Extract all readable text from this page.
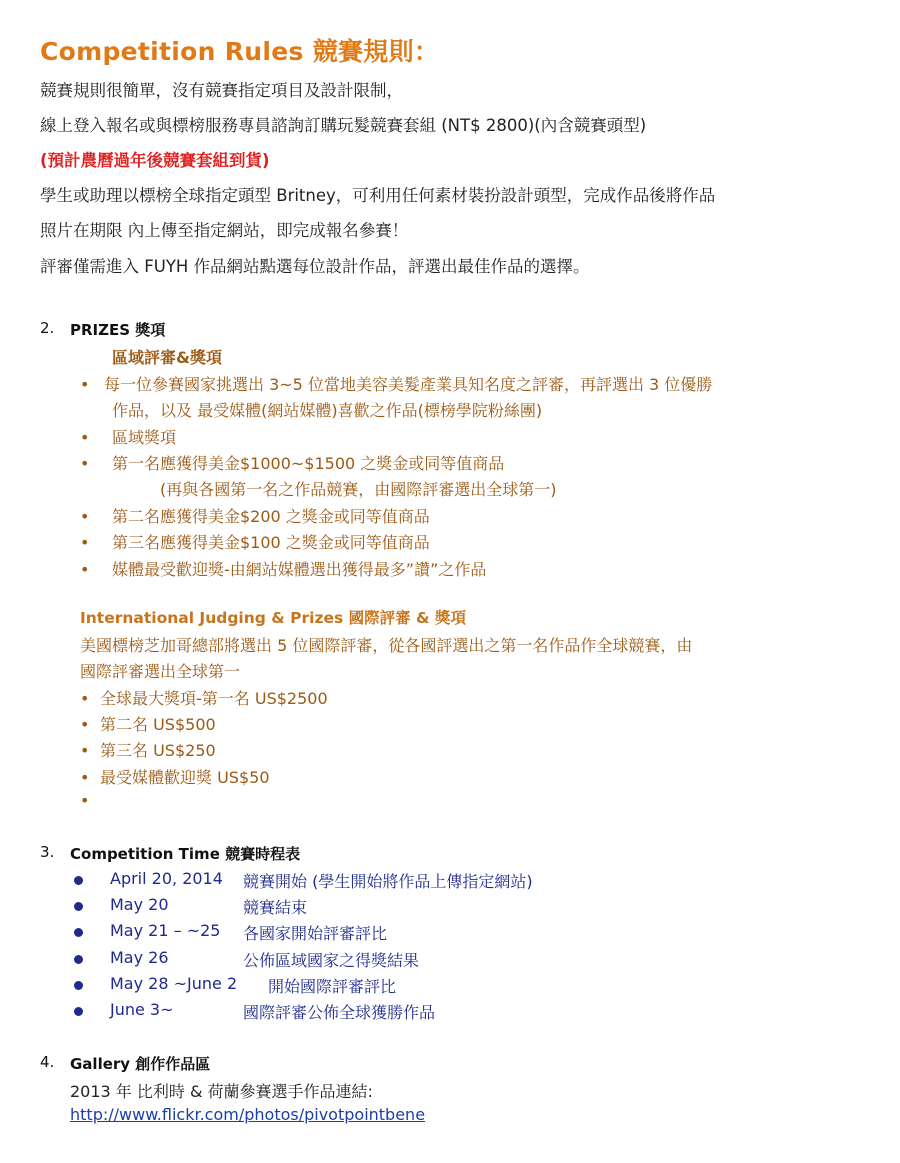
Competition Rules 競賽規則：
競賽規則很簡單，沒有競賽指定項目及設計限制，
線上登入報名或與標榜服務專員諮詢訂購玩髮競賽套組 (NT$ 2800)(內含競賽頭型)
(預計農曆過年後競賽套組到貨)
學生或助理以標榜全球指定頭型 Britney，可利用任何素材裝扮設計頭型，完成作品後將作品
照片在期限 內上傳至指定網站，即完成報名參賽！
評審僅需進入 FUYH 作品網站點選每位設計作品，評選出最佳作品的選擇。
2. PRIZES 獎項
區域評審&獎項
• 每一位參賽國家挑選出 3~5 位當地美容美髮產業具知名度之評審，再評選出 3 位優勝
作品，以及 最受媒體(網站媒體)喜歡之作品(標榜學院粉絲團)
• 區域獎項
• 第一名應獲得美金$1000~$1500 之獎金或同等值商品
(再與各國第一名之作品競賽，由國際評審選出全球第一)
• 第二名應獲得美金$200 之獎金或同等值商品
• 第三名應獲得美金$100 之獎金或同等值商品
• 媒體最受歡迎獎-由網站媒體選出獲得最多”讚”之作品
International Judging & Prizes 國際評審 & 獎項
美國標榜芝加哥總部將選出 5 位國際評審，從各國評選出之第一名作品作全球競賽，由
國際評審選出全球第一
• 全球最大獎項-第一名 US$2500
• 第二名 US$500
• 第三名 US$250
• 最受媒體歡迎獎 US$50
•
3. Competition Time 競賽時程表
April 20, 2014 競賽開始 (學生開始將作品上傳指定網站)
May 20	競賽結束
May 21 – ~25 各國家開始評審評比
May 26	公佈區域國家之得獎結果
May 28 ~June 2 開始國際評審評比
June 3~	國際評審公佈全球獲勝作品
4. Gallery 創作作品區
2013 年 比利時 & 荷蘭參賽選手作品連結:
http://www.flickr.com/photos/pivotpointbene
